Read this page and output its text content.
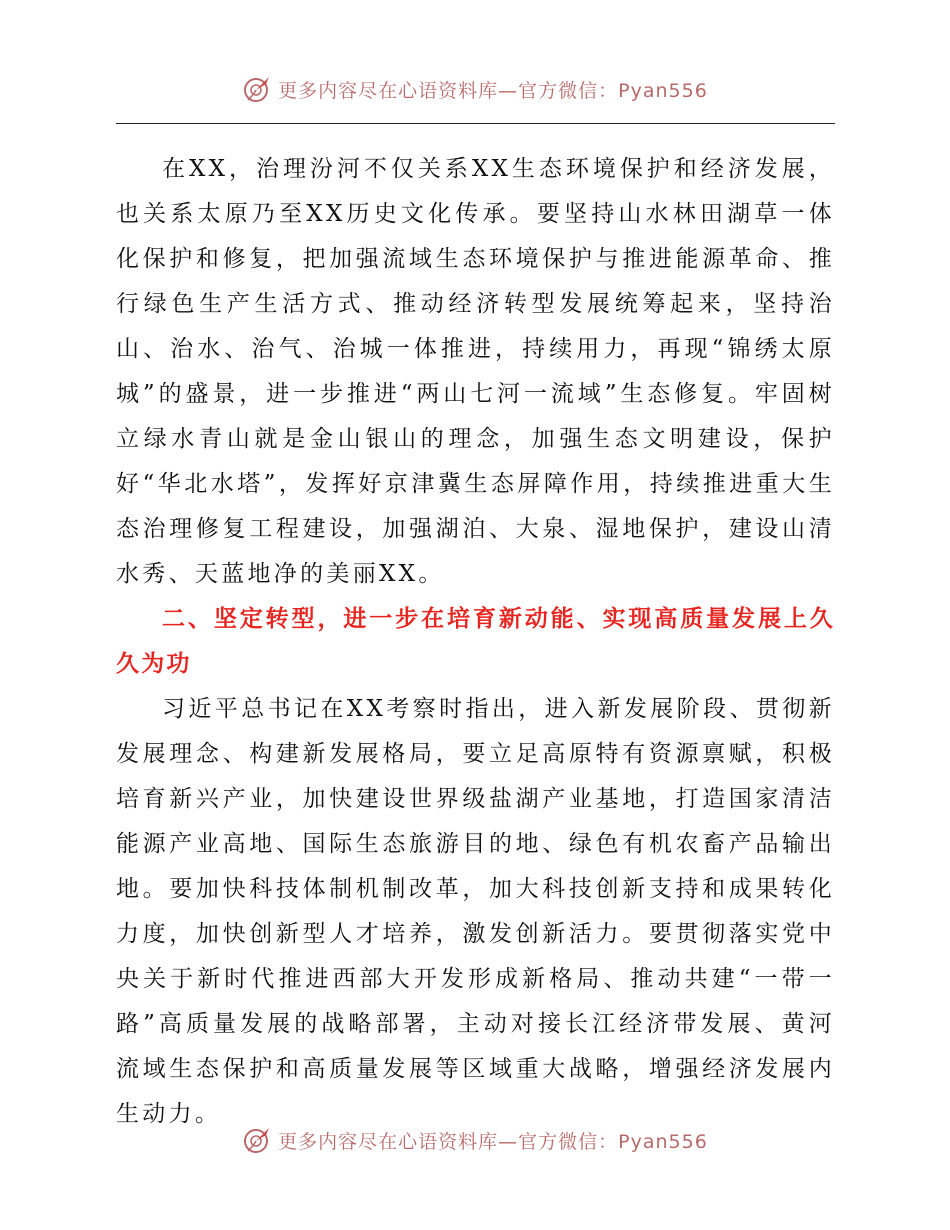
更多内容尽在心语资料库—官方微信：Pyan556

在XX，治理汾河不仅关系XX生态环境保护和经济发展，也关系太原乃至XX历史文化传承。要坚持山水林田湖草一体化保护和修复，把加强流域生态环境保护与推进能源革命、推行绿色生产生活方式、推动经济转型发展统筹起来，坚持治山、治水、治气、治城一体推进，持续用力，再现“锦绣太原城”的盛景，进一步推进“两山七河一流域”生态修复。牢固树立绿水青山就是金山银山的理念，加强生态文明建设，保护好“华北水塔”，发挥好京津冀生态屏障作用，持续推进重大生态治理修复工程建设，加强湖泊、大泉、湿地保护，建设山清水秀、天蓝地净的美丽XX。

二、坚定转型，进一步在培育新动能、实现高质量发展上久久为功

习近平总书记在XX考察时指出，进入新发展阶段、贯彻新发展理念、构建新发展格局，要立足高原特有资源禀赋，积极培育新兴产业，加快建设世界级盐湖产业基地，打造国家清洁能源产业高地、国际生态旅游目的地、绿色有机农畜产品输出地。要加快科技体制机制改革，加大科技创新支持和成果转化力度，加快创新型人才培养，激发创新活力。要贯彻落实党中央关于新时代推进西部大开发形成新格局、推动共建“一带一路”高质量发展的战略部署，主动对接长江经济带发展、黄河流域生态保护和高质量发展等区域重大战略，增强经济发展内生动力。

更多内容尽在心语资料库—官方微信：Pyan556
